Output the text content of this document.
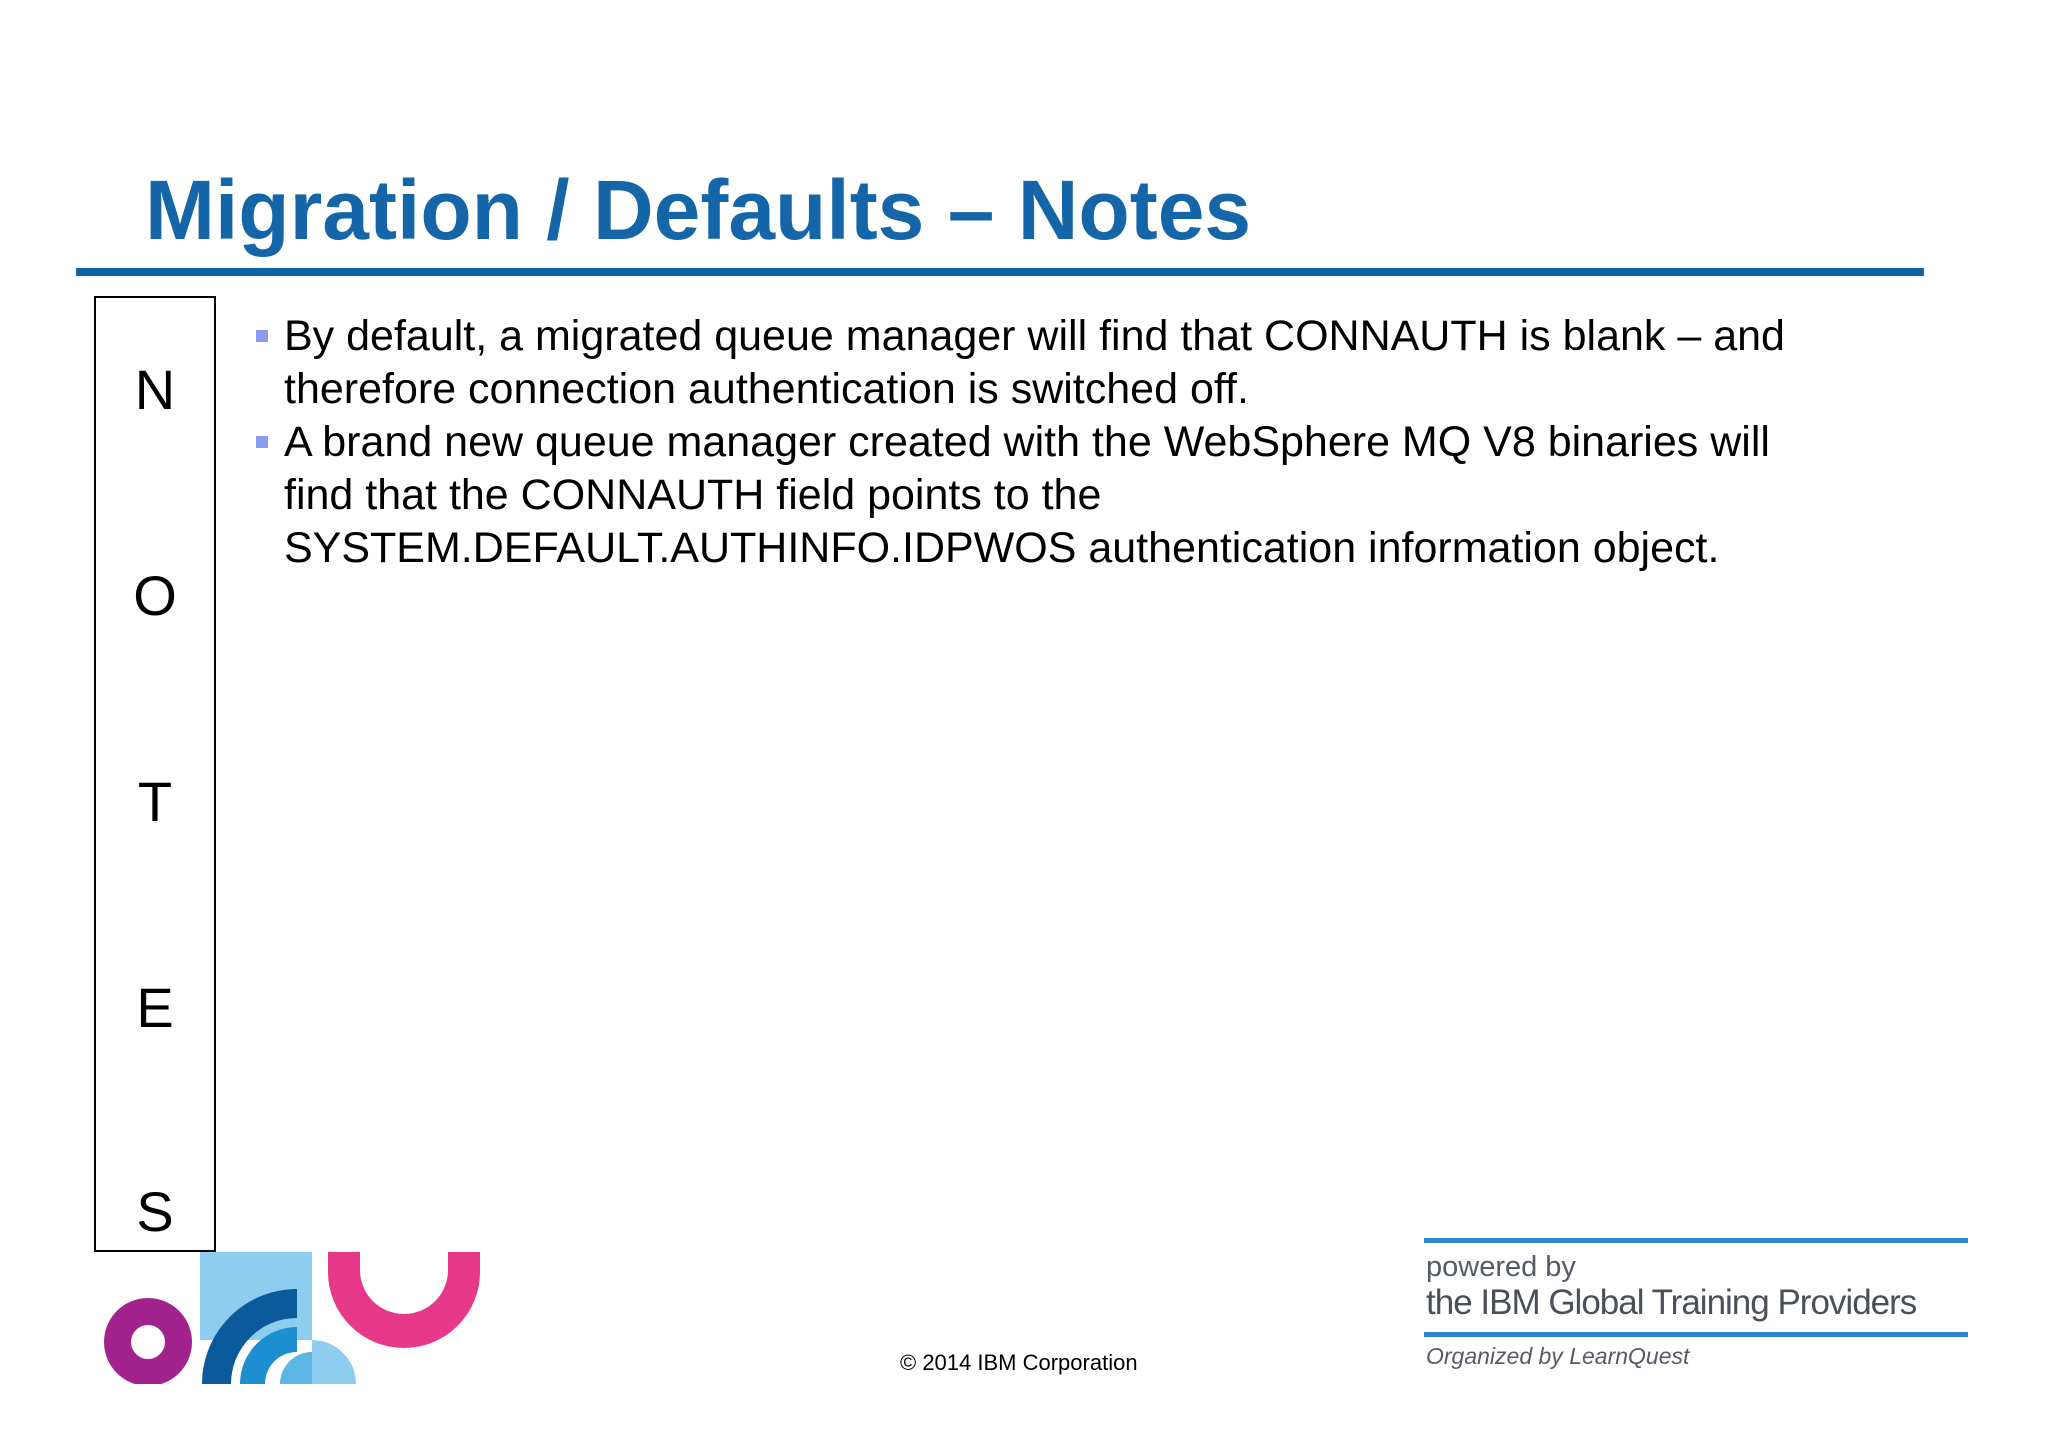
Migration / Defaults – Notes
N
O
T
E
S
By default, a migrated queue manager will find that CONNAUTH is blank – and
therefore connection authentication is switched off.
A brand new queue manager created with the WebSphere MQ V8 binaries will
find that the CONNAUTH field points to the
SYSTEM.DEFAULT.AUTHINFO.IDPWOS authentication information object.
© 2014 IBM Corporation
powered by
the IBM Global Training Providers
Organized by LearnQuest
